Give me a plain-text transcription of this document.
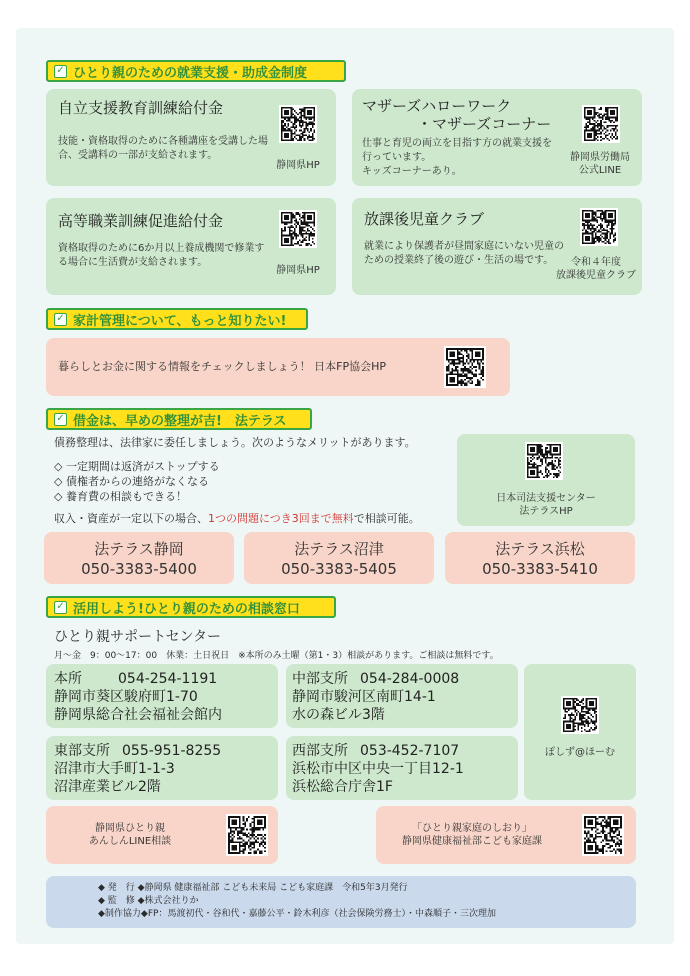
✓ ひとり親のための就業支援・助成金制度
自立支援教育訓練給付金
技能・資格取得のために各種講座を受講した場合、受講料の一部が支給されます。
静岡県HP
マザーズハローワーク
・マザーズコーナー
仕事と育児の両立を目指す方の就業支援を
行っています。
キッズコーナーあり。
静岡県労働局
公式LINE
高等職業訓練促進給付金
資格取得のために6か月以上養成機関で修業する場合に生活費が支給されます。
静岡県HP
放課後児童クラブ
就業により保護者が昼間家庭にいない児童のための授業終了後の遊び・生活の場です。	令和４年度
放課後児童クラブ
✓ 家計管理について、もっと知りたい!
暮らしとお金に関する情報をチェックしましょう！ 日本FP協会HP
✓ 借金は、早めの整理が吉!　法テラス
債務整理は、法律家に委任しましょう。次のようなメリットがあります。
◇ 一定期間は返済がストップする
◇ 債権者からの連絡がなくなる
◇ 養育費の相談もできる！
収入・資産が一定以下の場合、1つの問題につき3回まで無料で相談可能。
日本司法支援センター
法テラスHP
法テラス静岡
050-3383-5400
法テラス沼津
050-3383-5405
法テラス浜松
050-3383-5410
✓ 活用しよう!ひとり親のための相談窓口
ひとり親サポートセンター
月〜金　9：00〜17：00　休業：土日祝日　※本所のみ土曜（第1・3）相談があります。ご相談は無料です。
本所	054-254-1191
静岡市葵区駿府町1-70
静岡県総合社会福祉会館内
中部支所 054-284-0008
静岡市駿河区南町14-1
水の森ビル3階
東部支所 055-951-8255
沼津市大手町1-1-3
沼津産業ビル2階
西部支所 053-452-7107
浜松市中区中央一丁目12-1
浜松総合庁舎1F
ぽしず@ほーむ
静岡県ひとり親
あんしんLINE相談
「ひとり親家庭のしおり」
静岡県健康福祉部こども家庭課
◆ 発　行 ◆静岡県 健康福祉部 こども未来局 こども家庭課　令和5年3月発行
◆ 監　修 ◆株式会社りか
◆制作協力◆FP：馬渡初代・谷和代・嘉藤公平・鈴木利彦（社会保険労務士）・中森順子・三次理加
